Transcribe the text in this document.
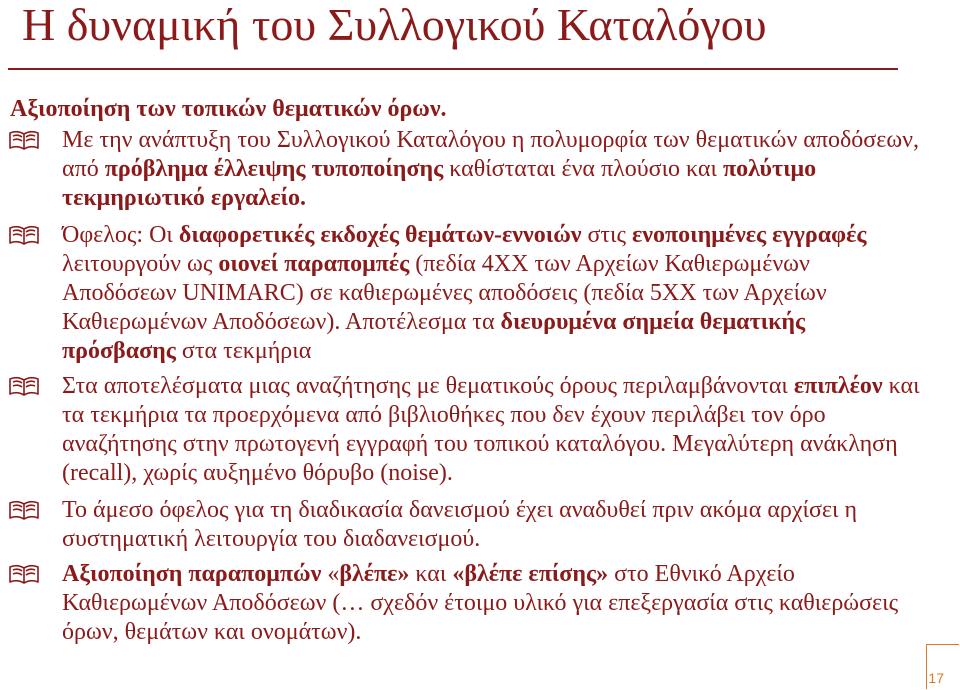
Η δυναμική του Συλλογικού Καταλόγου
Αξιοποίηση των τοπικών θεματικών όρων.
Με την ανάπτυξη του Συλλογικού Καταλόγου η πολυμορφία των θεματικών αποδόσεων, από πρόβλημα έλλειψης τυποποίησης καθίσταται ένα πλούσιο και πολύτιμο τεκμηριωτικό εργαλείο.
Όφελος: Οι διαφορετικές εκδοχές θεμάτων-εννοιών στις ενοποιημένες εγγραφές λειτουργούν ως οιονεί παραπομπές (πεδία 4XX των Αρχείων Καθιερωμένων Αποδόσεων UNIMARC) σε καθιερωμένες αποδόσεις (πεδία 5XX των Αρχείων Καθιερωμένων Αποδόσεων). Αποτέλεσμα τα διευρυμένα σημεία θεματικής πρόσβασης στα τεκμήρια
Στα αποτελέσματα μιας αναζήτησης με θεματικούς όρους περιλαμβάνονται επιπλέον και τα τεκμήρια τα προερχόμενα από βιβλιοθήκες που δεν έχουν περιλάβει τον όρο αναζήτησης στην πρωτογενή εγγραφή του τοπικού καταλόγου. Μεγαλύτερη ανάκληση (recall), χωρίς αυξημένο θόρυβο (noise).
Το άμεσο όφελος για τη διαδικασία δανεισμού έχει αναδυθεί πριν ακόμα αρχίσει η συστηματική λειτουργία του διαδανεισμού.
Αξιοποίηση παραπομπών «βλέπε» και «βλέπε επίσης» στο Εθνικό Αρχείο Καθιερωμένων Αποδόσεων (… σχεδόν έτοιμο υλικό για επεξεργασία στις καθιερώσεις όρων, θεμάτων και ονομάτων).
17
